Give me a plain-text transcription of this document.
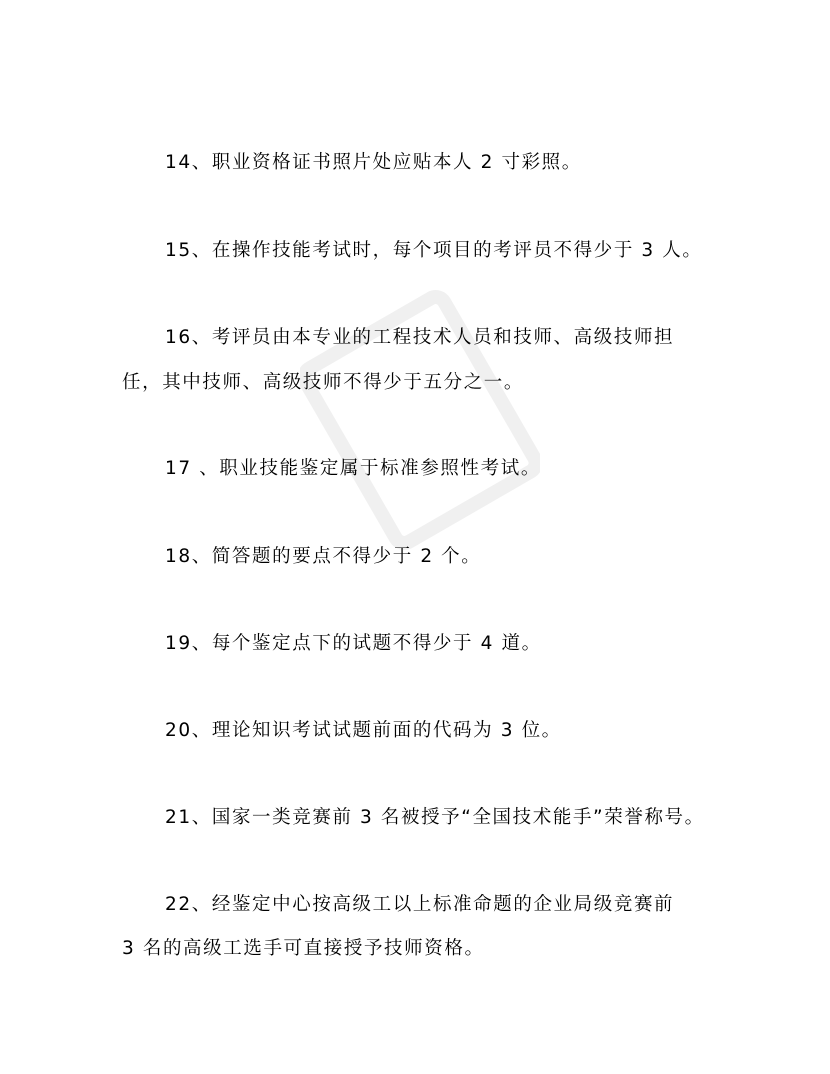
14、职业资格证书照片处应贴本人 2 寸彩照。
15、在操作技能考试时，每个项目的考评员不得少于 3 人。
16、考评员由本专业的工程技术人员和技师、高级技师担
任，其中技师、高级技师不得少于五分之一。
17 、职业技能鉴定属于标准参照性考试。
18、简答题的要点不得少于 2 个。
19、每个鉴定点下的试题不得少于 4 道。
20、理论知识考试试题前面的代码为 3 位。
21、国家一类竞赛前 3 名被授予“全国技术能手”荣誉称号。
22、经鉴定中心按高级工以上标准命题的企业局级竞赛前
3 名的高级工选手可直接授予技师资格。
